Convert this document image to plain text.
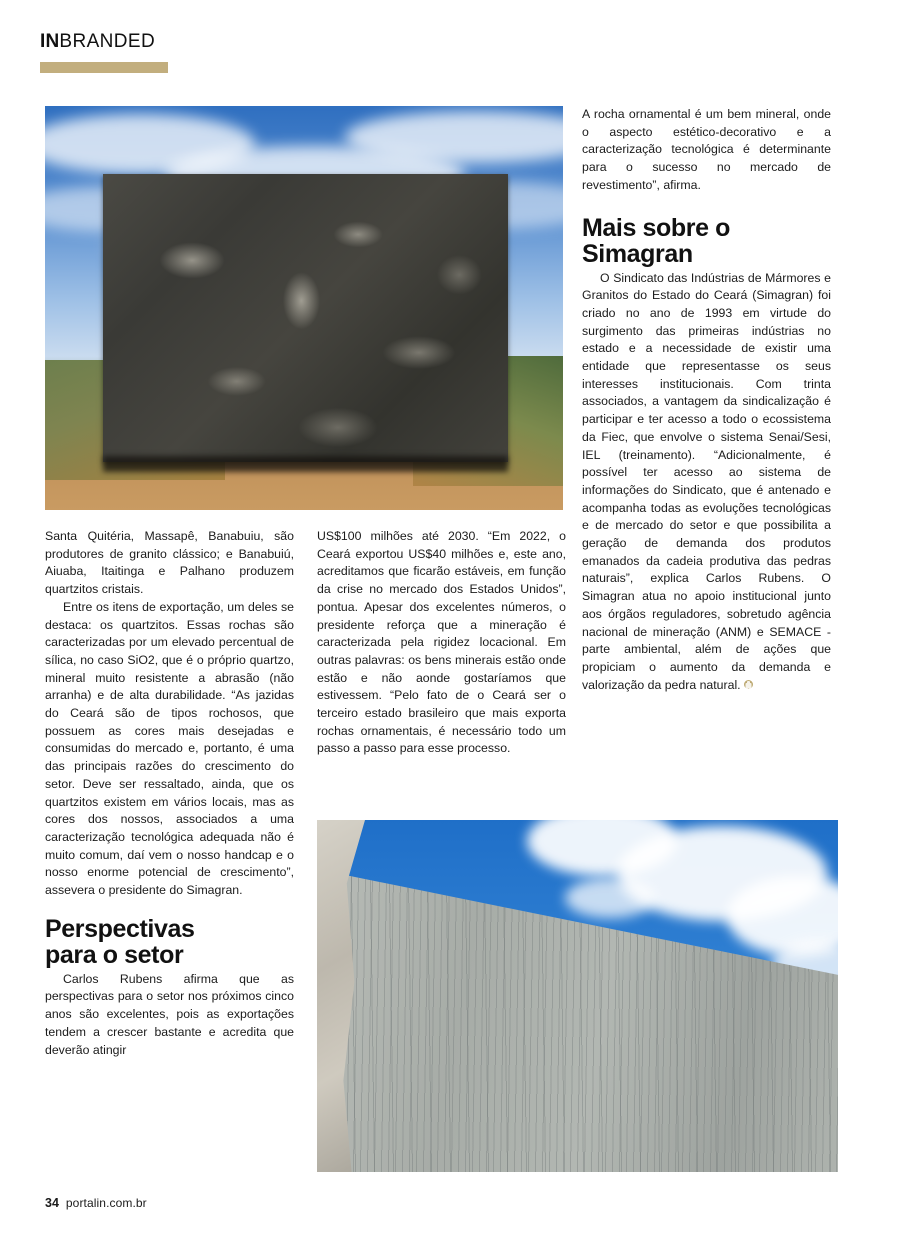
INBRANDED

Santa Quitéria, Massapê, Banabuiu, são produtores de granito clássico; e Banabuiú, Aiuaba, Itaitinga e Palhano produzem quartzitos cristais.

Entre os itens de exportação, um deles se destaca: os quartzitos. Essas rochas são caracterizadas por um elevado percentual de sílica, no caso SiO2, que é o próprio quartzo, mineral muito resistente a abrasão (não arranha) e de alta durabilidade. “As jazidas do Ceará são de tipos rochosos, que possuem as cores mais desejadas e consumidas do mercado e, portanto, é uma das principais razões do crescimento do setor. Deve ser ressaltado, ainda, que os quartzitos existem em vários locais, mas as cores dos nossos, associados a uma caracterização tecnológica adequada não é muito comum, daí vem o nosso handcap e o nosso enorme potencial de crescimento”, assevera o presidente do Simagran.

Perspectivas
para o setor

Carlos Rubens afirma que as perspectivas para o setor nos próximos cinco anos são excelentes, pois as exportações tendem a crescer bastante e acredita que deverão atingir

US$100 milhões até 2030. “Em 2022, o Ceará exportou US$40 milhões e, este ano, acreditamos que ficarão estáveis, em função da crise no mercado dos Estados Unidos”, pontua. Apesar dos excelentes números, o presidente reforça que a mineração é caracterizada pela rigidez locacional. Em outras palavras: os bens minerais estão onde estão e não aonde gostaríamos que estivessem. “Pelo fato de o Ceará ser o terceiro estado brasileiro que mais exporta rochas ornamentais, é necessário todo um passo a passo para esse processo.

A rocha ornamental é um bem mineral, onde o aspecto estético-decorativo e a caracterização tecnológica é determinante para o sucesso no mercado de revestimento”, afirma.

Mais sobre o
Simagran

O Sindicato das Indústrias de Mármores e Granitos do Estado do Ceará (Simagran) foi criado no ano de 1993 em virtude do surgimento das primeiras indústrias no estado e a necessidade de existir uma entidade que representasse os seus interesses institucionais. Com trinta associados, a vantagem da sindicalização é participar e ter acesso a todo o ecossistema da Fiec, que envolve o sistema Senai/Sesi, IEL (treinamento). “Adicionalmente, é possível ter acesso ao sistema de informações do Sindicato, que é antenado e acompanha todas as evoluções tecnológicas e de mercado do setor e que possibilita a geração de demanda dos produtos emanados da cadeia produtiva das pedras naturais”, explica Carlos Rubens. O Simagran atua no apoio institucional junto aos órgãos reguladores, sobretudo agência nacional de mineração (ANM) e SEMACE - parte ambiental, além de ações que propiciam o aumento da demanda e valorização da pedra natural.

34 portalin.com.br
